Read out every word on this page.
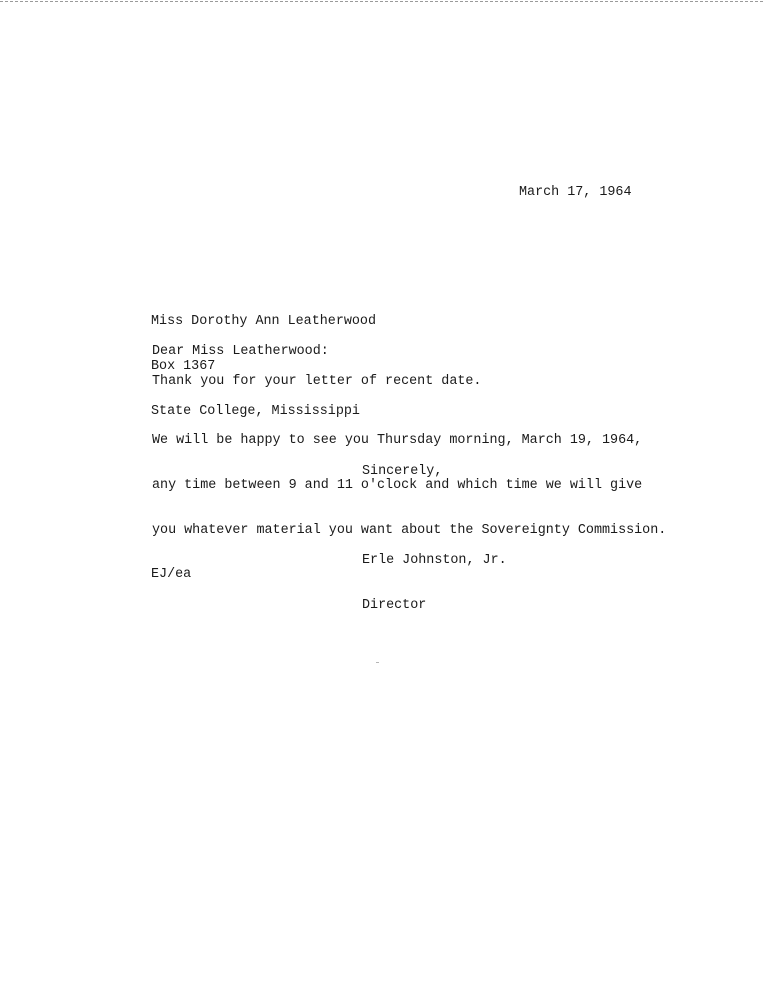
March 17, 1964

Miss Dorothy Ann Leatherwood

Box 1367

State College, Mississippi

Dear Miss Leatherwood:
Thank you for your letter of recent date.

We will be happy to see you Thursday morning, March 19, 1964,

any time between 9 and 11 o'clock and which time we will give

you whatever material you want about the Sovereignty Commission.

Sincerely,

Erle Johnston, Jr.

Director

EJ/ea
